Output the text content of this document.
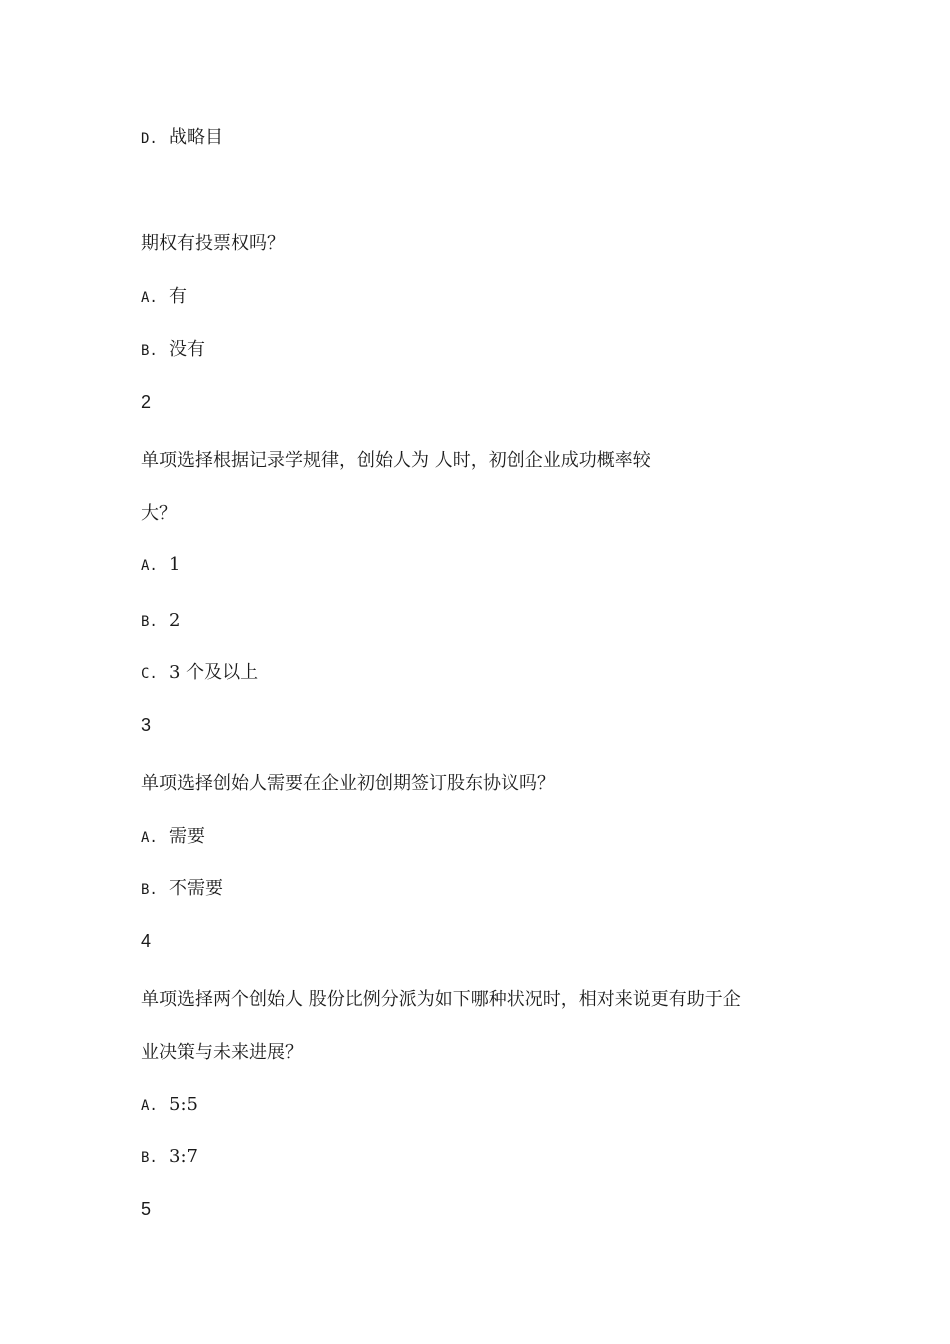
D. 战略目
期权有投票权吗？
A. 有
B. 没有
2
单项选择根据记录学规律，创始人为 人时，初创企业成功概率较
大？
A. 1
B. 2
C. 3 个及以上
3
单项选择创始人需要在企业初创期签订股东协议吗？
A. 需要
B. 不需要
4
单项选择两个创始人 股份比例分派为如下哪种状况时，相对来说更有助于企
业决策与未来进展？
A. 5:5
B. 3:7
5
